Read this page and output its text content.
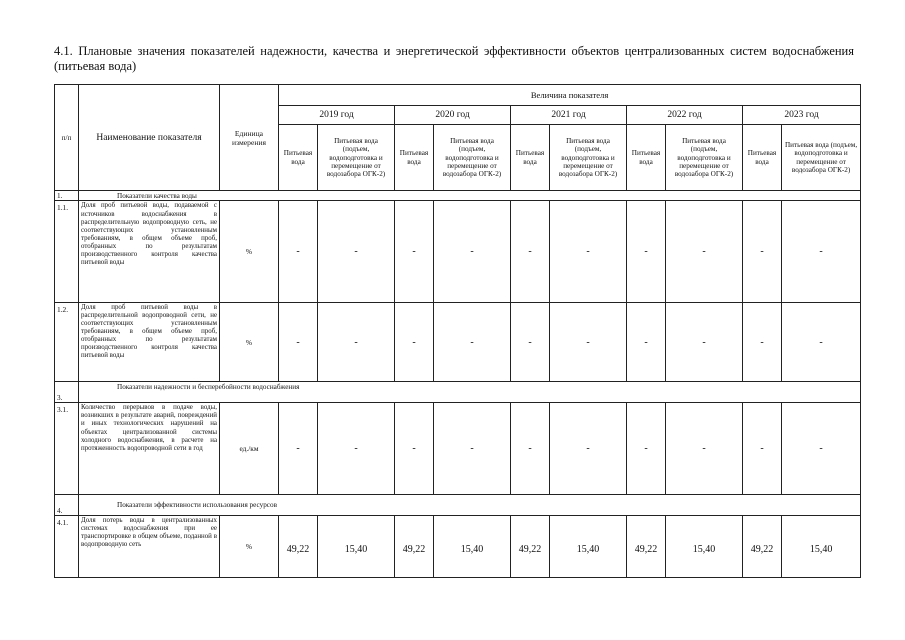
4.1. Плановые значения показателей надежности, качества и энергетической эффективности объектов централизованных систем водоснабжения (питьевая вода)
п/п	Наименование показателя	Единица измерения	Величина показателя									
			2019 год		2020 год		2021 год		2022 год		2023 год	
			Питьевая вода	Питьевая вода (подъем, водоподготовка и перемещение от водозабора ОГК-2)	Питьевая вода	Питьевая вода (подъем, водоподготовка и перемещение от водозабора ОГК-2)	Питьевая вода	Питьевая вода (подъем, водоподготовка и перемещение от водозабора ОГК-2)	Питьевая вода	Питьевая вода (подъем, водоподготовка и перемещение от водозабора ОГК-2)	Питьевая вода	Питьевая вода (подъем, водоподготовка и перемещение от водозабора ОГК-2)
1.	Показатели качества воды											
1.1.	Доля проб питьевой воды, подаваемой с источников водоснабжения в распределительную водопроводную сеть, не соответствующих установленным требованиям, в общем объеме проб, отобранных по результатам производственного контроля качества питьевой воды	%	-	-	-	-	-	-	-	-	-	-
1.2.	Доля проб питьевой воды в распределительной водопроводной сети, не соответствующих установленным требованиям, в общем объеме проб, отобранных по результатам производственного контроля качества питьевой воды	%	-	-	-	-	-	-	-	-	-	-
3.	Показатели надежности и бесперебойности водоснабжения											
3.1.	Количество перерывов в подаче воды, возникших в результате аварий, повреждений и иных технологических нарушений на объектах централизованной системы холодного водоснабжения, в расчете на протяженность водопроводной сети в год	ед./км	-	-	-	-	-	-	-	-	-	-
4.	Показатели эффективности использования ресурсов											
4.1.	Доля потерь воды в централизованных системах водоснабжения при ее транспортировке в общем объеме, поданной в водопроводную сеть	%	49,22	15,40	49,22	15,40	49,22	15,40	49,22	15,40	49,22	15,40
